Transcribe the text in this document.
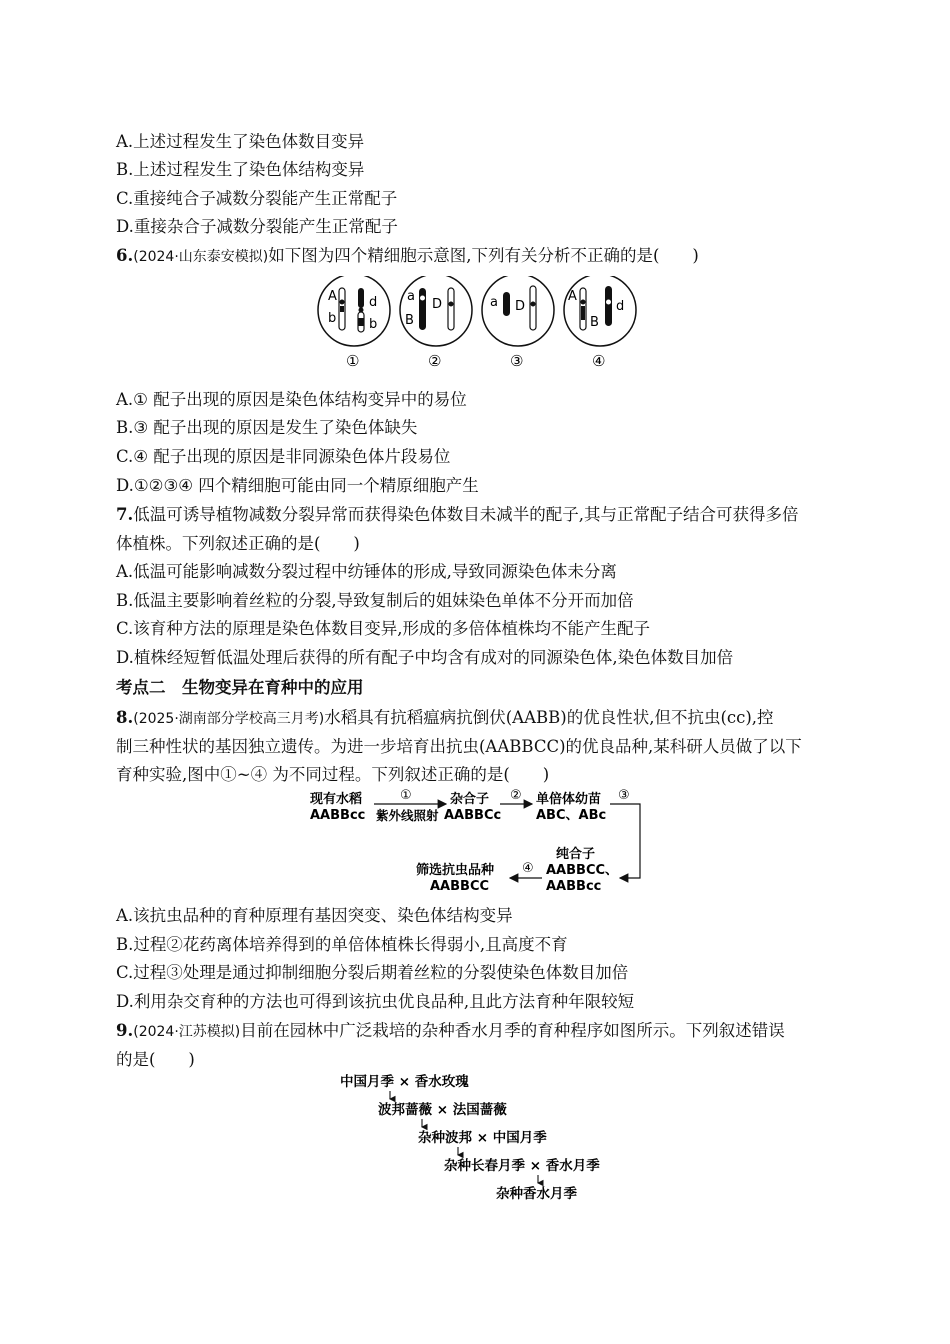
A.上述过程发生了染色体数目变异
B.上述过程发生了染色体结构变异
C.重接纯合子减数分裂能产生正常配子
D.重接杂合子减数分裂能产生正常配子
6.(2024·山东泰安模拟)如下图为四个精细胞示意图,下列有关分析不正确的是(　　)
A
b
d
b
a
B
D	a D
A
B
d
①	②	③	④
A.① 配子出现的原因是染色体结构变异中的易位
B.③ 配子出现的原因是发生了染色体缺失
C.④ 配子出现的原因是非同源染色体片段易位
D.①②③④ 四个精细胞可能由同一个精原细胞产生
7.低温可诱导植物减数分裂异常而获得染色体数目未减半的配子,其与正常配子结合可获得多倍
体植株。下列叙述正确的是(　　)
A.低温可能影响减数分裂过程中纺锤体的形成,导致同源染色体未分离
B.低温主要影响着丝粒的分裂,导致复制后的姐妹染色单体不分开而加倍
C.该育种方法的原理是染色体数目变异,形成的多倍体植株均不能产生配子
D.植株经短暂低温处理后获得的所有配子中均含有成对的同源染色体,染色体数目加倍
考点二　生物变异在育种中的应用
8.(2025·湖南部分学校高三月考)水稻具有抗稻瘟病抗倒伏(AABB)的优良性状,但不抗虫(cc),控
制三种性状的基因独立遗传。为进一步培育出抗虫(AABBCC)的优良品种,某科研人员做了以下
育种实验,图中①~④ 为不同过程。下列叙述正确的是(　　)
现有水稻
AABBcc
①
紫外线照射
杂合子
AABBCc
② 单倍体幼苗
ABC、ABc
③
纯合子
AABBCC、
AABBcc
④
筛选抗虫品种
AABBCC
A.该抗虫品种的育种原理有基因突变、染色体结构变异
B.过程②花药离体培养得到的单倍体植株长得弱小,且高度不育
C.过程③处理是通过抑制细胞分裂后期着丝粒的分裂使染色体数目加倍
D.利用杂交育种的方法也可得到该抗虫优良品种,且此方法育种年限较短
9.(2024·江苏模拟)目前在园林中广泛栽培的杂种香水月季的育种程序如图所示。下列叙述错误
的是(　　)
中国月季 × 香水玫瑰
波邦蔷薇 × 法国蔷薇
杂种波邦 × 中国月季
杂种长春月季 × 香水月季
杂种香水月季
